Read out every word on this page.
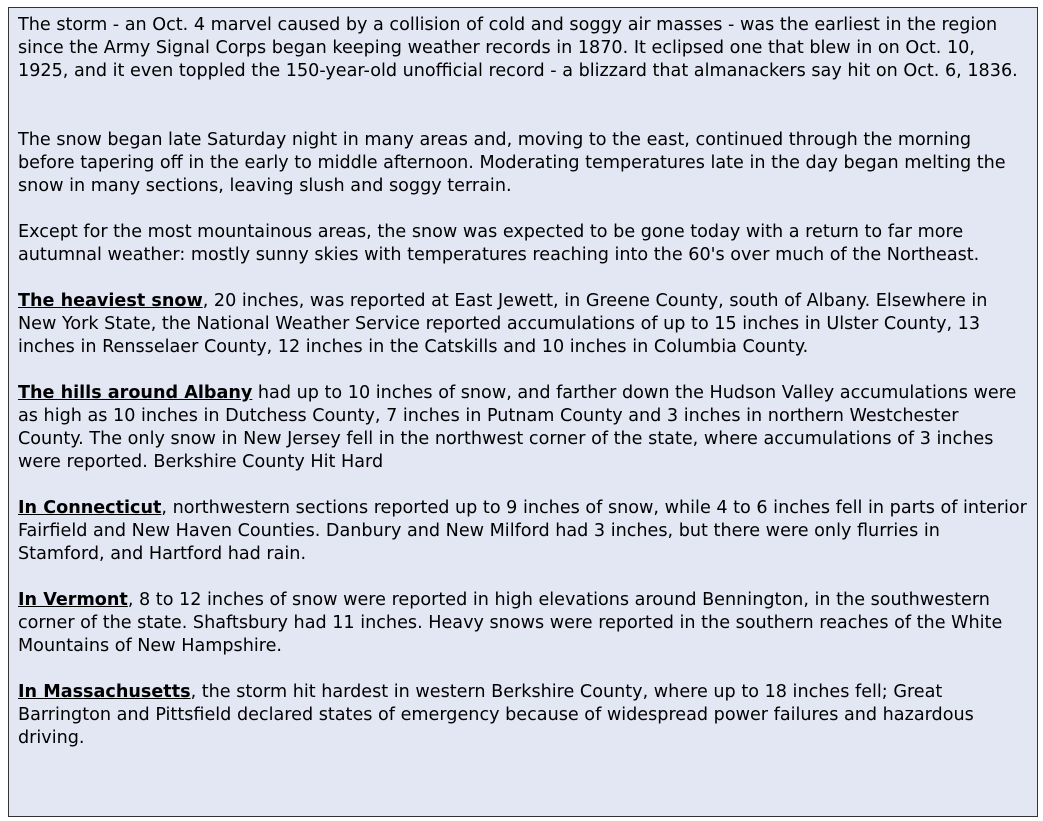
The storm - an Oct. 4 marvel caused by a collision of cold and soggy air masses - was the earliest in the region since the Army Signal Corps began keeping weather records in 1870. It eclipsed one that blew in on Oct. 10, 1925, and it even toppled the 150-year-old unofficial record - a blizzard that almanackers say hit on Oct. 6, 1836.

The snow began late Saturday night in many areas and, moving to the east, continued through the morning before tapering off in the early to middle afternoon. Moderating temperatures late in the day began melting the snow in many sections, leaving slush and soggy terrain.

Except for the most mountainous areas, the snow was expected to be gone today with a return to far more autumnal weather: mostly sunny skies with temperatures reaching into the 60's over much of the Northeast.

The heaviest snow, 20 inches, was reported at East Jewett, in Greene County, south of Albany. Elsewhere in New York State, the National Weather Service reported accumulations of up to 15 inches in Ulster County, 13 inches in Rensselaer County, 12 inches in the Catskills and 10 inches in Columbia County.

The hills around Albany had up to 10 inches of snow, and farther down the Hudson Valley accumulations were as high as 10 inches in Dutchess County, 7 inches in Putnam County and 3 inches in northern Westchester County. The only snow in New Jersey fell in the northwest corner of the state, where accumulations of 3 inches were reported. Berkshire County Hit Hard

In Connecticut, northwestern sections reported up to 9 inches of snow, while 4 to 6 inches fell in parts of interior Fairfield and New Haven Counties. Danbury and New Milford had 3 inches, but there were only flurries in Stamford, and Hartford had rain.

In Vermont, 8 to 12 inches of snow were reported in high elevations around Bennington, in the southwestern corner of the state. Shaftsbury had 11 inches. Heavy snows were reported in the southern reaches of the White Mountains of New Hampshire.

In Massachusetts, the storm hit hardest in western Berkshire County, where up to 18 inches fell; Great Barrington and Pittsfield declared states of emergency because of widespread power failures and hazardous driving.
